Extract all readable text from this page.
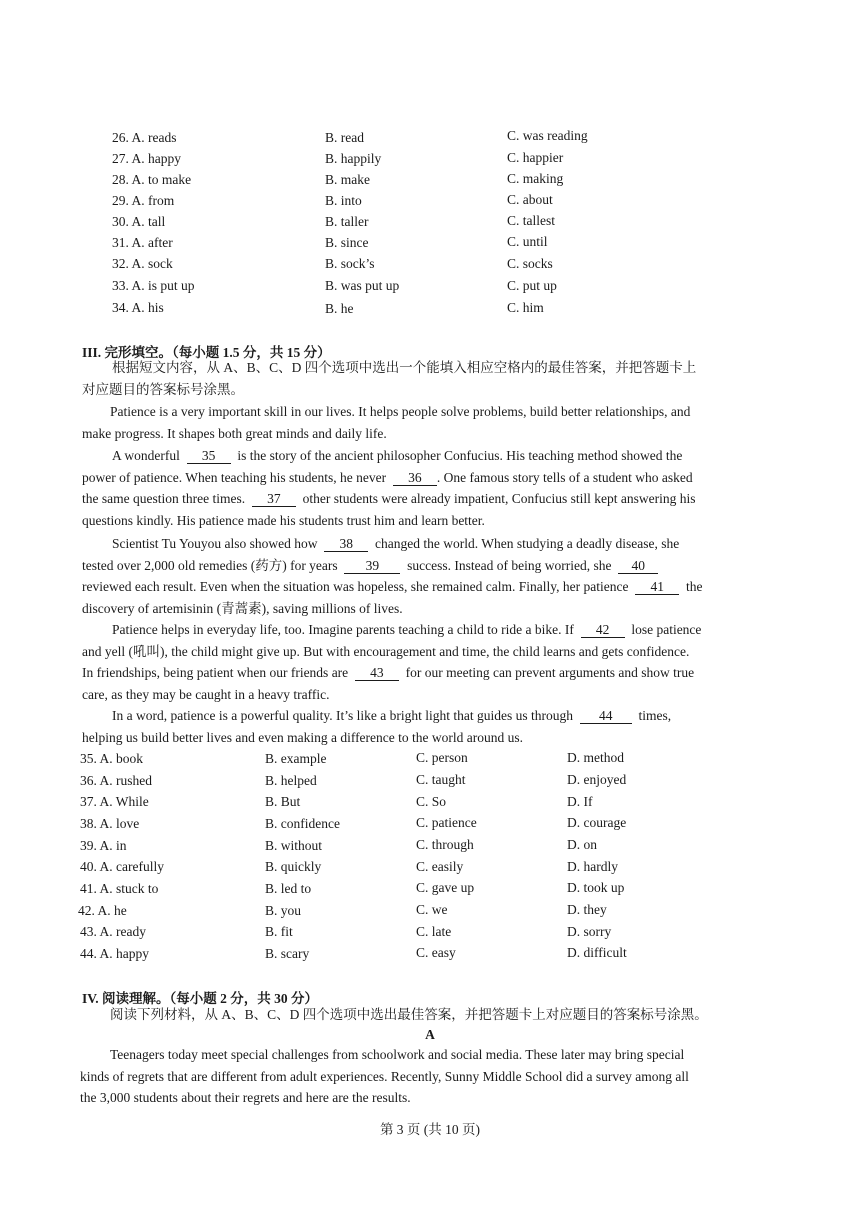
26. A. reads	B. read	C. was reading
27. A. happy	B. happily	C. happier
28. A. to make	B. make	C. making
29. A. from	B. into	C. about
30. A. tall	B. taller	C. tallest
31. A. after	B. since	C. until
32. A. sock	B. sock’s	C. socks
33. A. is put up	B. was put up	C. put up
34. A. his	B. he	C. him
III. 完形填空。（每小题 1.5 分，共 15 分）
根据短文内容，从 A、B、C、D 四个选项中选出一个能填入相应空格内的最佳答案，并把答题卡上
对应题目的答案标号涂黑。
Patience is a very important skill in our lives. It helps people solve problems, build better relationships, and
make progress. It shapes both great minds and daily life.
A wonderful 35 is the story of the ancient philosopher Confucius. His teaching method showed the
power of patience. When teaching his students, he never 36 . One famous story tells of a student who asked
the same question three times. 37 other students were already impatient, Confucius still kept answering his
questions kindly. His patience made his students trust him and learn better.
Scientist Tu Youyou also showed how 38 changed the world. When studying a deadly disease, she
tested over 2,000 old remedies (药方) for years 39 success. Instead of being worried, she 40
reviewed each result. Even when the situation was hopeless, she remained calm. Finally, her patience 41 the
discovery of artemisinin (青蒿素), saving millions of lives.
Patience helps in everyday life, too. Imagine parents teaching a child to ride a bike. If 42 lose patience
and yell (吼叫), the child might give up. But with encouragement and time, the child learns and gets confidence.
In friendships, being patient when our friends are 43 for our meeting can prevent arguments and show true
care, as they may be caught in a heavy traffic.
In a word, patience is a powerful quality. It’s like a bright light that guides us through 44 times,
helping us build better lives and even making a difference to the world around us.
35. A. book	B. example	C. person	D. method
36. A. rushed	B. helped	C. taught	D. enjoyed
37. A. While	B. But	C. So	D. If
38. A. love	B. confidence	C. patience	D. courage
39. A. in	B. without	C. through	D. on
40. A. carefully	B. quickly	C. easily	D. hardly
41. A. stuck to	B. led to	C. gave up	D. took up
42. A. he	B. you	C. we	D. they
43. A. ready	B. fit	C. late	D. sorry
44. A. happy	B. scary	C. easy	D. difficult
IV. 阅读理解。（每小题 2 分，共 30 分）
阅读下列材料，从 A、B、C、D 四个选项中选出最佳答案，并把答题卡上对应题目的答案标号涂黑。
A
Teenagers today meet special challenges from schoolwork and social media. These later may bring special
kinds of regrets that are different from adult experiences. Recently, Sunny Middle School did a survey among all
the 3,000 students about their regrets and here are the results.
第 3 页 (共 10 页)
